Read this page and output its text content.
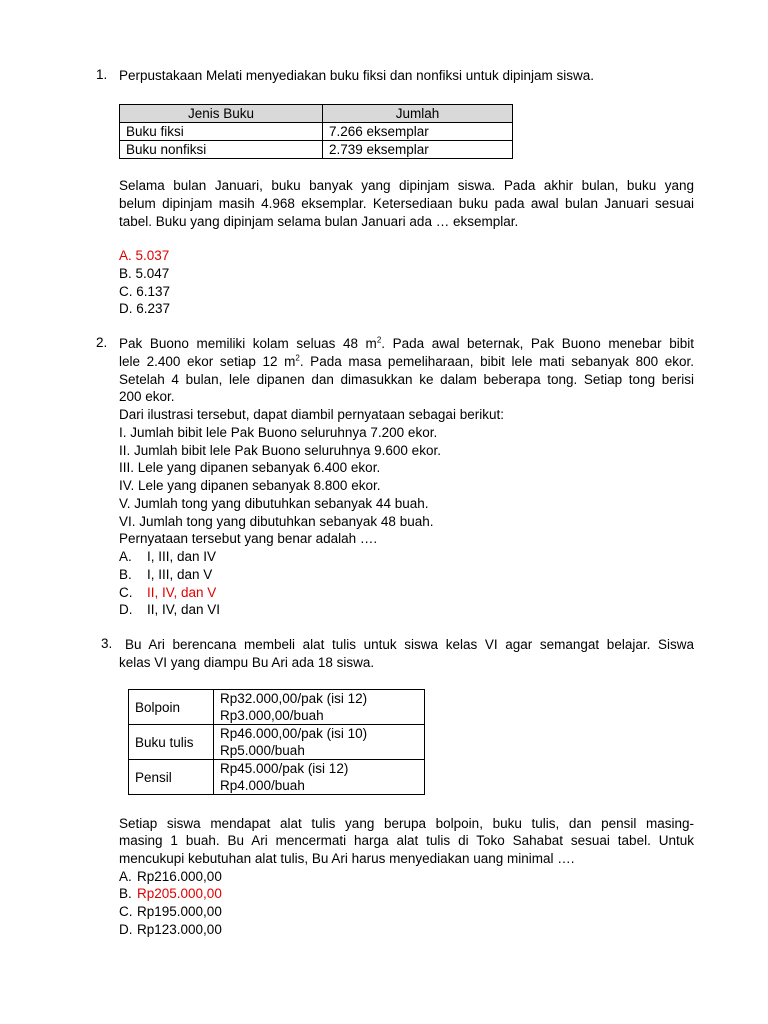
1. Perpustakaan Melati menyediakan buku fiksi dan nonfiksi untuk dipinjam siswa.
Jenis Buku	Jumlah
Buku fiksi	7.266 eksemplar
Buku nonfiksi	2.739 eksemplar
Selama bulan Januari, buku banyak yang dipinjam siswa. Pada akhir bulan, buku yang
belum dipinjam masih 4.968 eksemplar. Ketersediaan buku pada awal bulan Januari sesuai
tabel. Buku yang dipinjam selama bulan Januari ada … eksemplar.
A. 5.037
B. 5.047
C. 6.137
D. 6.237
2. Pak Buono memiliki kolam seluas 48 $m^2$. Pada awal beternak, Pak Buono menebar bibit
lele 2.400 ekor setiap 12 $m^2$. Pada masa pemeliharaan, bibit lele mati sebanyak 800 ekor.
Setelah 4 bulan, lele dipanen dan dimasukkan ke dalam beberapa tong. Setiap tong berisi
200 ekor.
Dari ilustrasi tersebut, dapat diambil pernyataan sebagai berikut:
I. Jumlah bibit lele Pak Buono seluruhnya 7.200 ekor.
II. Jumlah bibit lele Pak Buono seluruhnya 9.600 ekor.
III. Lele yang dipanen sebanyak 6.400 ekor.
IV. Lele yang dipanen sebanyak 8.800 ekor.
V. Jumlah tong yang dibutuhkan sebanyak 44 buah.
VI. Jumlah tong yang dibutuhkan sebanyak 48 buah.
Pernyataan tersebut yang benar adalah ….
A. I, III, dan IV
B. I, III, dan V
C. II, IV, dan V
D. II, IV, dan VI
3. Bu Ari berencana membeli alat tulis untuk siswa kelas VI agar semangat belajar. Siswa
kelas VI yang diampu Bu Ari ada 18 siswa.
Bolpoin	Rp32.000,00/pak (isi 12)
Rp3.000,00/buah

Buku tulis	Rp46.000,00/pak (isi 10)
Rp5.000/buah

Pensil	Rp45.000/pak (isi 12)
Rp4.000/buah
Setiap siswa mendapat alat tulis yang berupa bolpoin, buku tulis, dan pensil masing-
masing 1 buah. Bu Ari mencermati harga alat tulis di Toko Sahabat sesuai tabel. Untuk
mencukupi kebutuhan alat tulis, Bu Ari harus menyediakan uang minimal ….
A. Rp216.000,00
B. Rp205.000,00
C. Rp195.000,00
D. Rp123.000,00
